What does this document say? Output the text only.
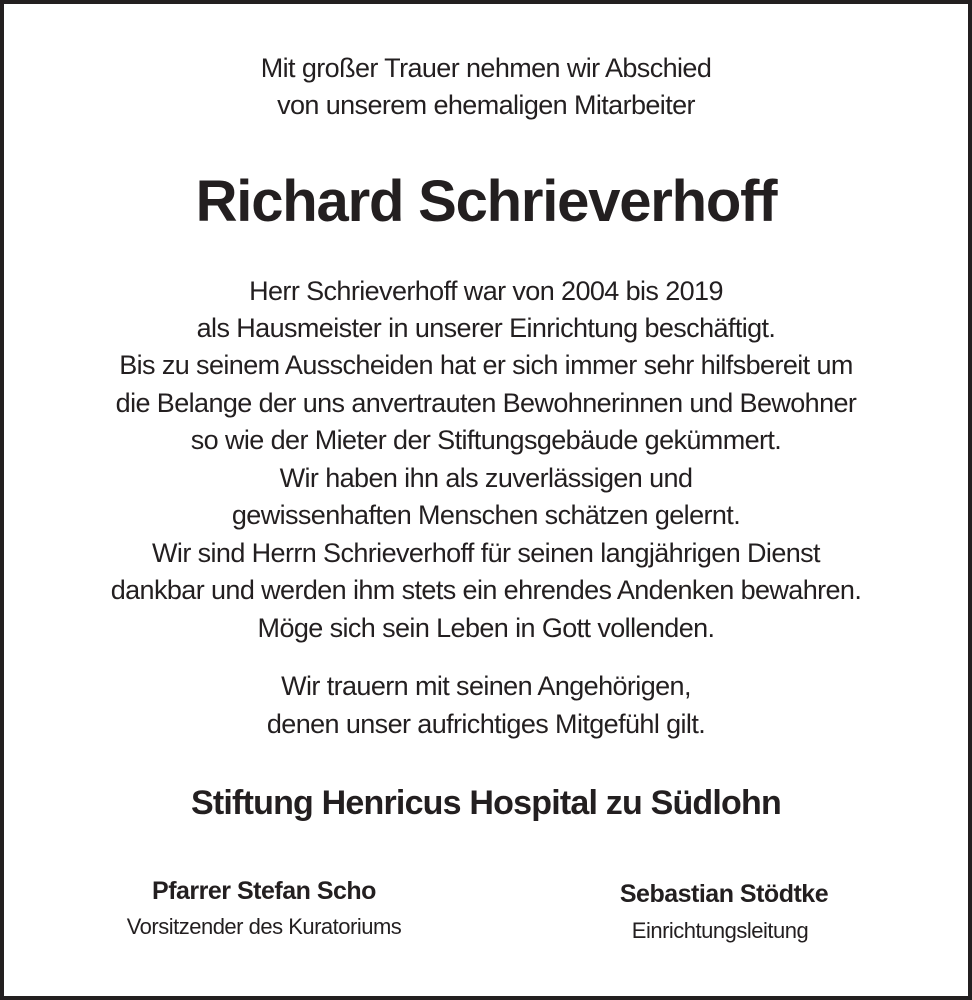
Mit großer Trauer nehmen wir Abschied
von unserem ehemaligen Mitarbeiter
Richard Schrieverhoff
Herr Schrieverhoff war von 2004 bis 2019
als Hausmeister in unserer Einrichtung beschäftigt.
Bis zu seinem Ausscheiden hat er sich immer sehr hilfsbereit um
die Belange der uns anvertrauten Bewohnerinnen und Bewohner
so wie der Mieter der Stiftungsgebäude gekümmert.
Wir haben ihn als zuverlässigen und
gewissenhaften Menschen schätzen gelernt.
Wir sind Herrn Schrieverhoff für seinen langjährigen Dienst
dankbar und werden ihm stets ein ehrendes Andenken bewahren.
Möge sich sein Leben in Gott vollenden.
Wir trauern mit seinen Angehörigen,
denen unser aufrichtiges Mitgefühl gilt.
Stiftung Henricus Hospital zu Südlohn
Pfarrer Stefan Scho
Vorsitzender des Kuratoriums
Sebastian Stödtke
Einrichtungsleitung
